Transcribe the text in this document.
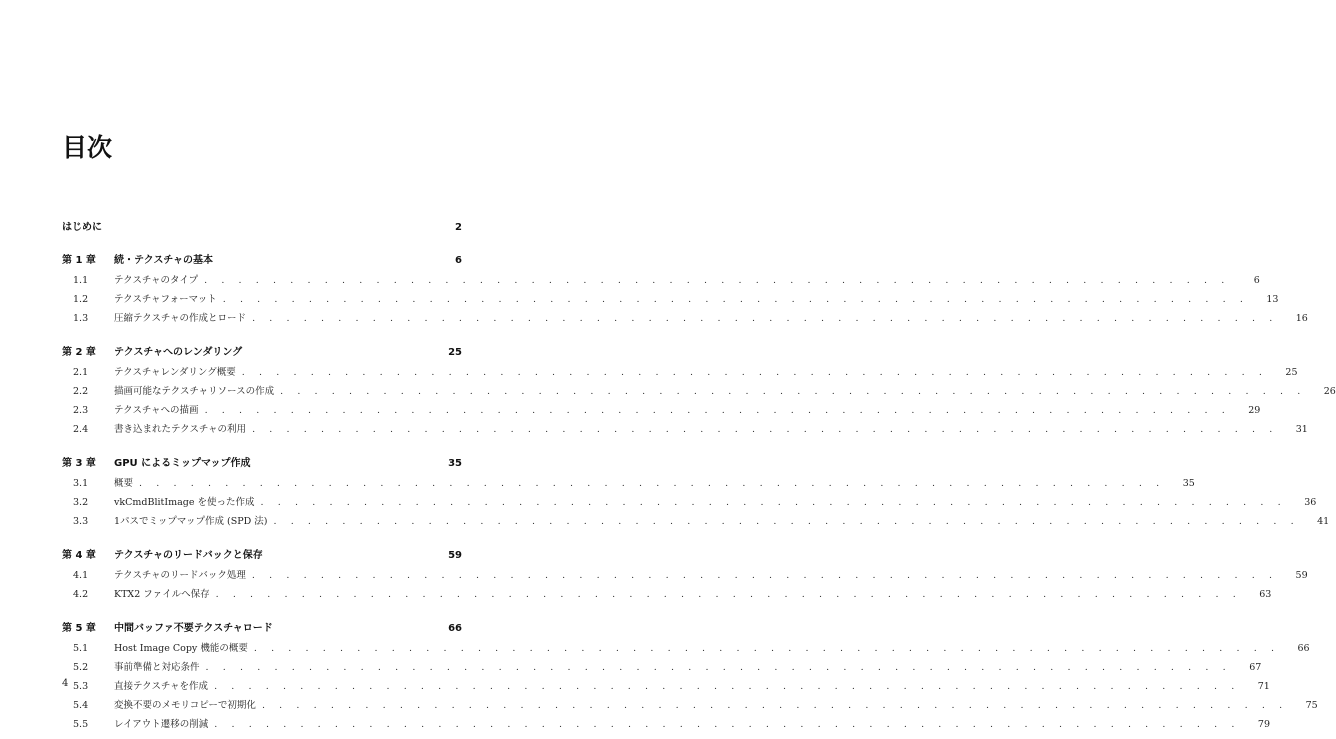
目次
はじめに	2
第 1 章	続・テクスチャの基本	6
1.1	テクスチャのタイプ . . . . . . . . . . . . . . . . . . . . . . . . . . . . . . . . . . . . . . . . . . . . . . . . . . . . . . . . . . . .	6
1.2	テクスチャフォーマット . . . . . . . . . . . . . . . . . . . . . . . . . . . . . . . . . . . . . . . . . . . . . . . . . . . . . . . . . . . .	13
1.3	圧縮テクスチャの作成とロード . . . . . . . . . . . . . . . . . . . . . . . . . . . . . . . . . . . . . . . . . . . . . . . . . . . . . . . . . . . .	16
第 2 章	テクスチャへのレンダリング	25
2.1	テクスチャレンダリング概要 . . . . . . . . . . . . . . . . . . . . . . . . . . . . . . . . . . . . . . . . . . . . . . . . . . . . . . . . . . . .	25
2.2	描画可能なテクスチャリソースの作成 . . . . . . . . . . . . . . . . . . . . . . . . . . . . . . . . . . . . . . . . . . . . . . . . . . . . . . . . . . . .	26
2.3	テクスチャへの描画 . . . . . . . . . . . . . . . . . . . . . . . . . . . . . . . . . . . . . . . . . . . . . . . . . . . . . . . . . . . .	29
2.4	書き込まれたテクスチャの利用 . . . . . . . . . . . . . . . . . . . . . . . . . . . . . . . . . . . . . . . . . . . . . . . . . . . . . . . . . . . .	31
第 3 章	GPU によるミップマップ作成	35
3.1	概要 . . . . . . . . . . . . . . . . . . . . . . . . . . . . . . . . . . . . . . . . . . . . . . . . . . . . . . . . . . . .	35
3.2	vkCmdBlitImage を使った作成 . . . . . . . . . . . . . . . . . . . . . . . . . . . . . . . . . . . . . . . . . . . . . . . . . . . . . . . . . . . .	36
3.3	1パスでミップマップ作成 (SPD 法) . . . . . . . . . . . . . . . . . . . . . . . . . . . . . . . . . . . . . . . . . . . . . . . . . . . . . . . . . . . .	41
第 4 章	テクスチャのリードバックと保存	59
4.1	テクスチャのリードバック処理 . . . . . . . . . . . . . . . . . . . . . . . . . . . . . . . . . . . . . . . . . . . . . . . . . . . . . . . . . . . .	59
4.2	KTX2 ファイルへ保存 . . . . . . . . . . . . . . . . . . . . . . . . . . . . . . . . . . . . . . . . . . . . . . . . . . . . . . . . . . . .	63
第 5 章	中間バッファ不要テクスチャロード	66
5.1	Host Image Copy 機能の概要 . . . . . . . . . . . . . . . . . . . . . . . . . . . . . . . . . . . . . . . . . . . . . . . . . . . . . . . . . . . .	66
5.2	事前準備と対応条件 . . . . . . . . . . . . . . . . . . . . . . . . . . . . . . . . . . . . . . . . . . . . . . . . . . . . . . . . . . . .	67
5.3	直接テクスチャを作成 . . . . . . . . . . . . . . . . . . . . . . . . . . . . . . . . . . . . . . . . . . . . . . . . . . . . . . . . . . . .	71
5.4	変換不要のメモリコピーで初期化 . . . . . . . . . . . . . . . . . . . . . . . . . . . . . . . . . . . . . . . . . . . . . . . . . . . . . . . . . . . .	75
5.5	レイアウト遷移の削減 . . . . . . . . . . . . . . . . . . . . . . . . . . . . . . . . . . . . . . . . . . . . . . . . . . . . . . . . . . . .	79
4
